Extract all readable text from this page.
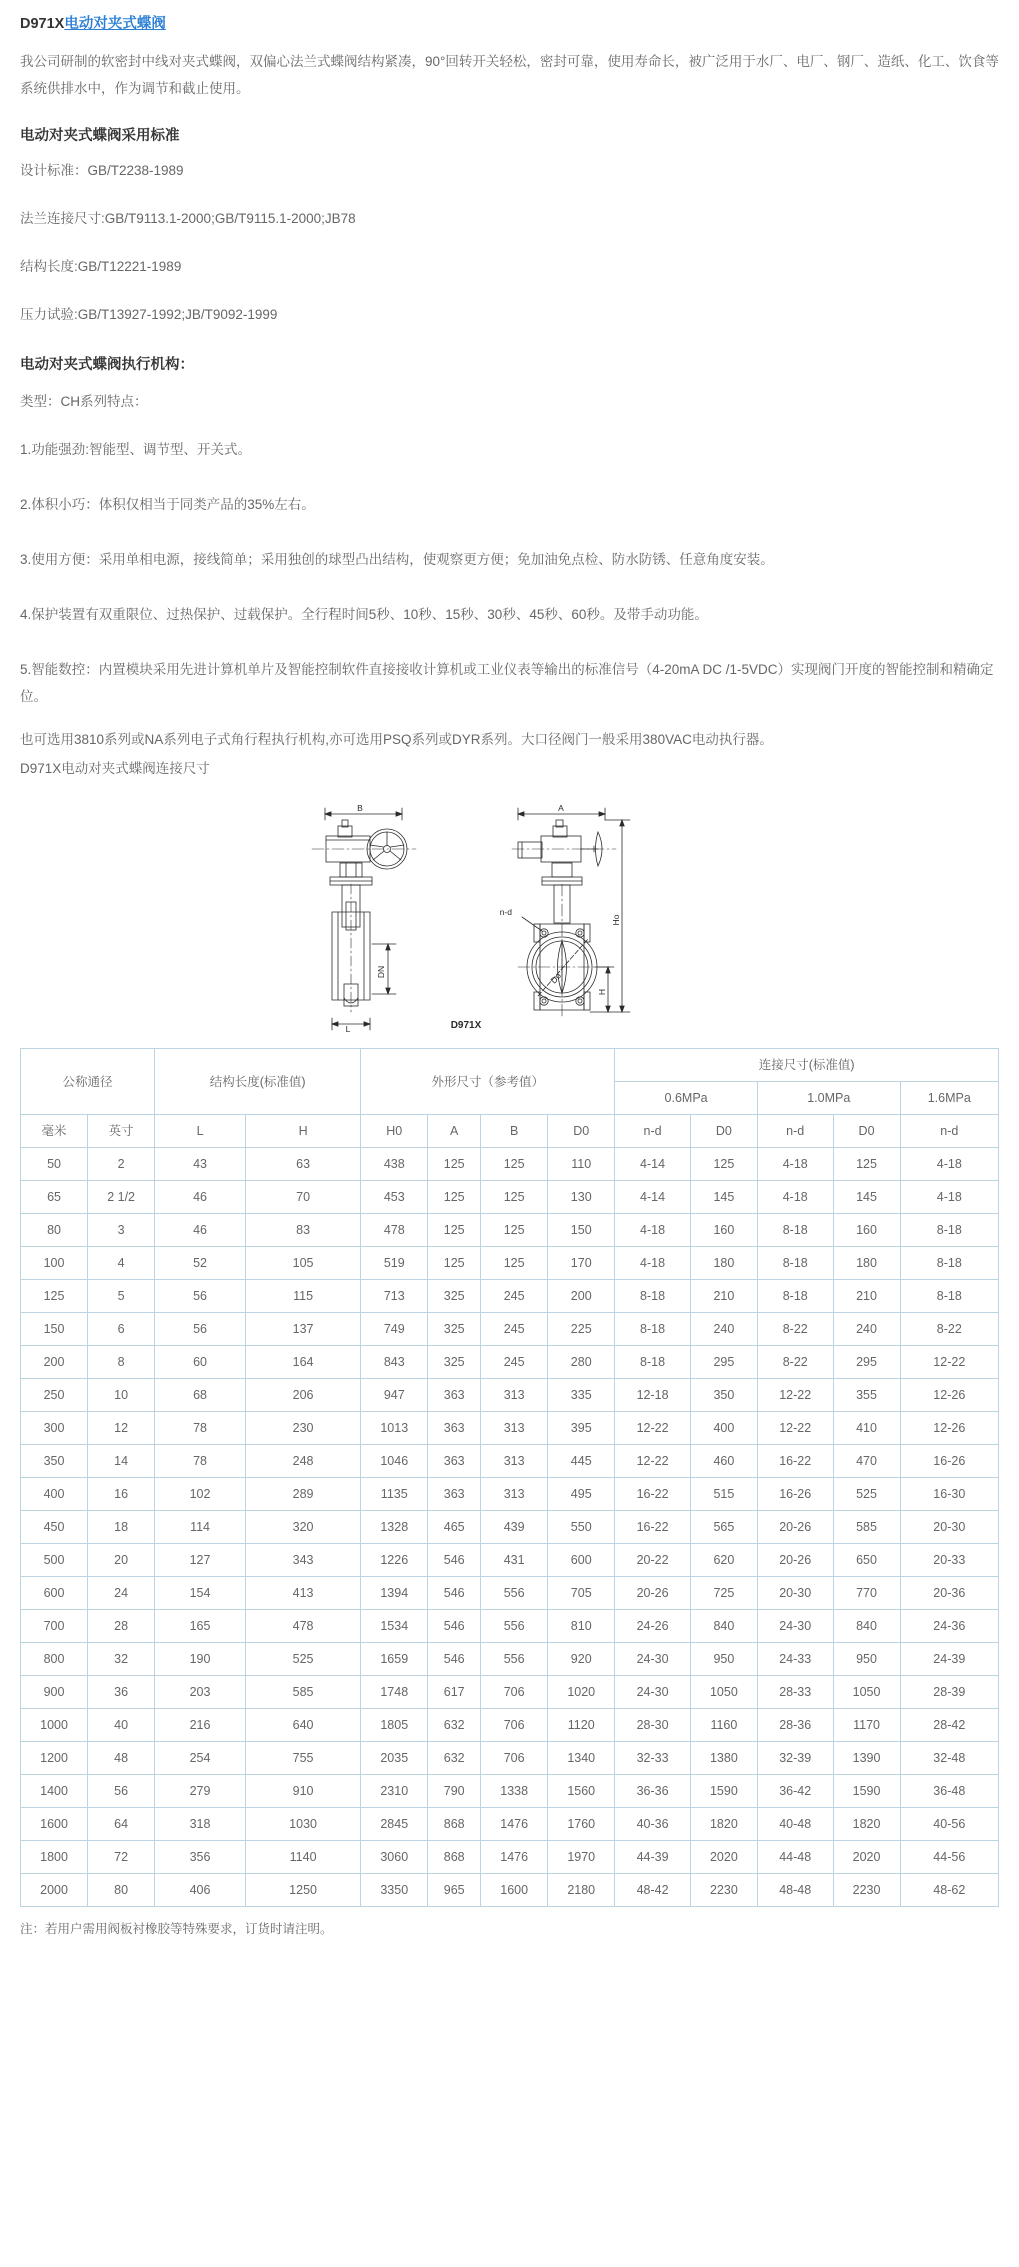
D971X电动对夹式蝶阀

我公司研制的软密封中线对夹式蝶阀，双偏心法兰式蝶阀结构紧凑，90°回转开关轻松，密封可靠，使用寿命长，被广泛用于水厂、电厂、钢厂、造纸、化工、饮食等系统供排水中，作为调节和截止使用。

电动对夹式蝶阀采用标准

设计标准：GB/T2238-1989

法兰连接尺寸:GB/T9113.1-2000;GB/T9115.1-2000;JB78

结构长度:GB/T12221-1989

压力试验:GB/T13927-1992;JB/T9092-1999

电动对夹式蝶阀执行机构：

类型：CH系列特点：

1.功能强劲:智能型、调节型、开关式。

2.体积小巧：体积仅相当于同类产品的35%左右。

3.使用方便：采用单相电源，接线简单；采用独创的球型凸出结构，使观察更方便；免加油免点检、防水防锈、任意角度安装。

4.保护装置有双重限位、过热保护、过载保护。全行程时间5秒、10秒、15秒、30秒、45秒、60秒。及带手动功能。

5.智能数控：内置模块采用先进计算机单片及智能控制软件直接接收计算机或工业仪表等输出的标准信号（4-20mA DC /1-5VDC）实现阀门开度的智能控制和精确定位。

也可选用3810系列或NA系列电子式角行程执行机构,亦可选用PSQ系列或DYR系列。大口径阀门一般采用380VAC电动执行器。

D971X电动对夹式蝶阀连接尺寸

B
L
A
n-d
DN	Do
Ho
H
D971X
公称通径		结构长度(标准值)		外形尺寸（参考值）				连接尺寸(标准值)				
								0.6MPa		1.0MPa		1.6MPa
毫米	英寸	L	H	H0	A	B	D0	n-d	D0	n-d	D0	n-d
50	2	43	63	438	125	125	110	4-14	125	4-18	125	4-18
65	2 1/2	46	70	453	125	125	130	4-14	145	4-18	145	4-18
80	3	46	83	478	125	125	150	4-18	160	8-18	160	8-18
100	4	52	105	519	125	125	170	4-18	180	8-18	180	8-18
125	5	56	115	713	325	245	200	8-18	210	8-18	210	8-18
150	6	56	137	749	325	245	225	8-18	240	8-22	240	8-22
200	8	60	164	843	325	245	280	8-18	295	8-22	295	12-22
250	10	68	206	947	363	313	335	12-18	350	12-22	355	12-26
300	12	78	230	1013	363	313	395	12-22	400	12-22	410	12-26
350	14	78	248	1046	363	313	445	12-22	460	16-22	470	16-26
400	16	102	289	1135	363	313	495	16-22	515	16-26	525	16-30
450	18	114	320	1328	465	439	550	16-22	565	20-26	585	20-30
500	20	127	343	1226	546	431	600	20-22	620	20-26	650	20-33
600	24	154	413	1394	546	556	705	20-26	725	20-30	770	20-36
700	28	165	478	1534	546	556	810	24-26	840	24-30	840	24-36
800	32	190	525	1659	546	556	920	24-30	950	24-33	950	24-39
900	36	203	585	1748	617	706	1020	24-30	1050	28-33	1050	28-39
1000	40	216	640	1805	632	706	1120	28-30	1160	28-36	1170	28-42
1200	48	254	755	2035	632	706	1340	32-33	1380	32-39	1390	32-48
1400	56	279	910	2310	790	1338	1560	36-36	1590	36-42	1590	36-48
1600	64	318	1030	2845	868	1476	1760	40-36	1820	40-48	1820	40-56
1800	72	356	1140	3060	868	1476	1970	44-39	2020	44-48	2020	44-56
2000	80	406	1250	3350	965	1600	2180	48-42	2230	48-48	2230	48-62

注：若用户需用阀板衬橡胶等特殊要求，订货时请注明。
